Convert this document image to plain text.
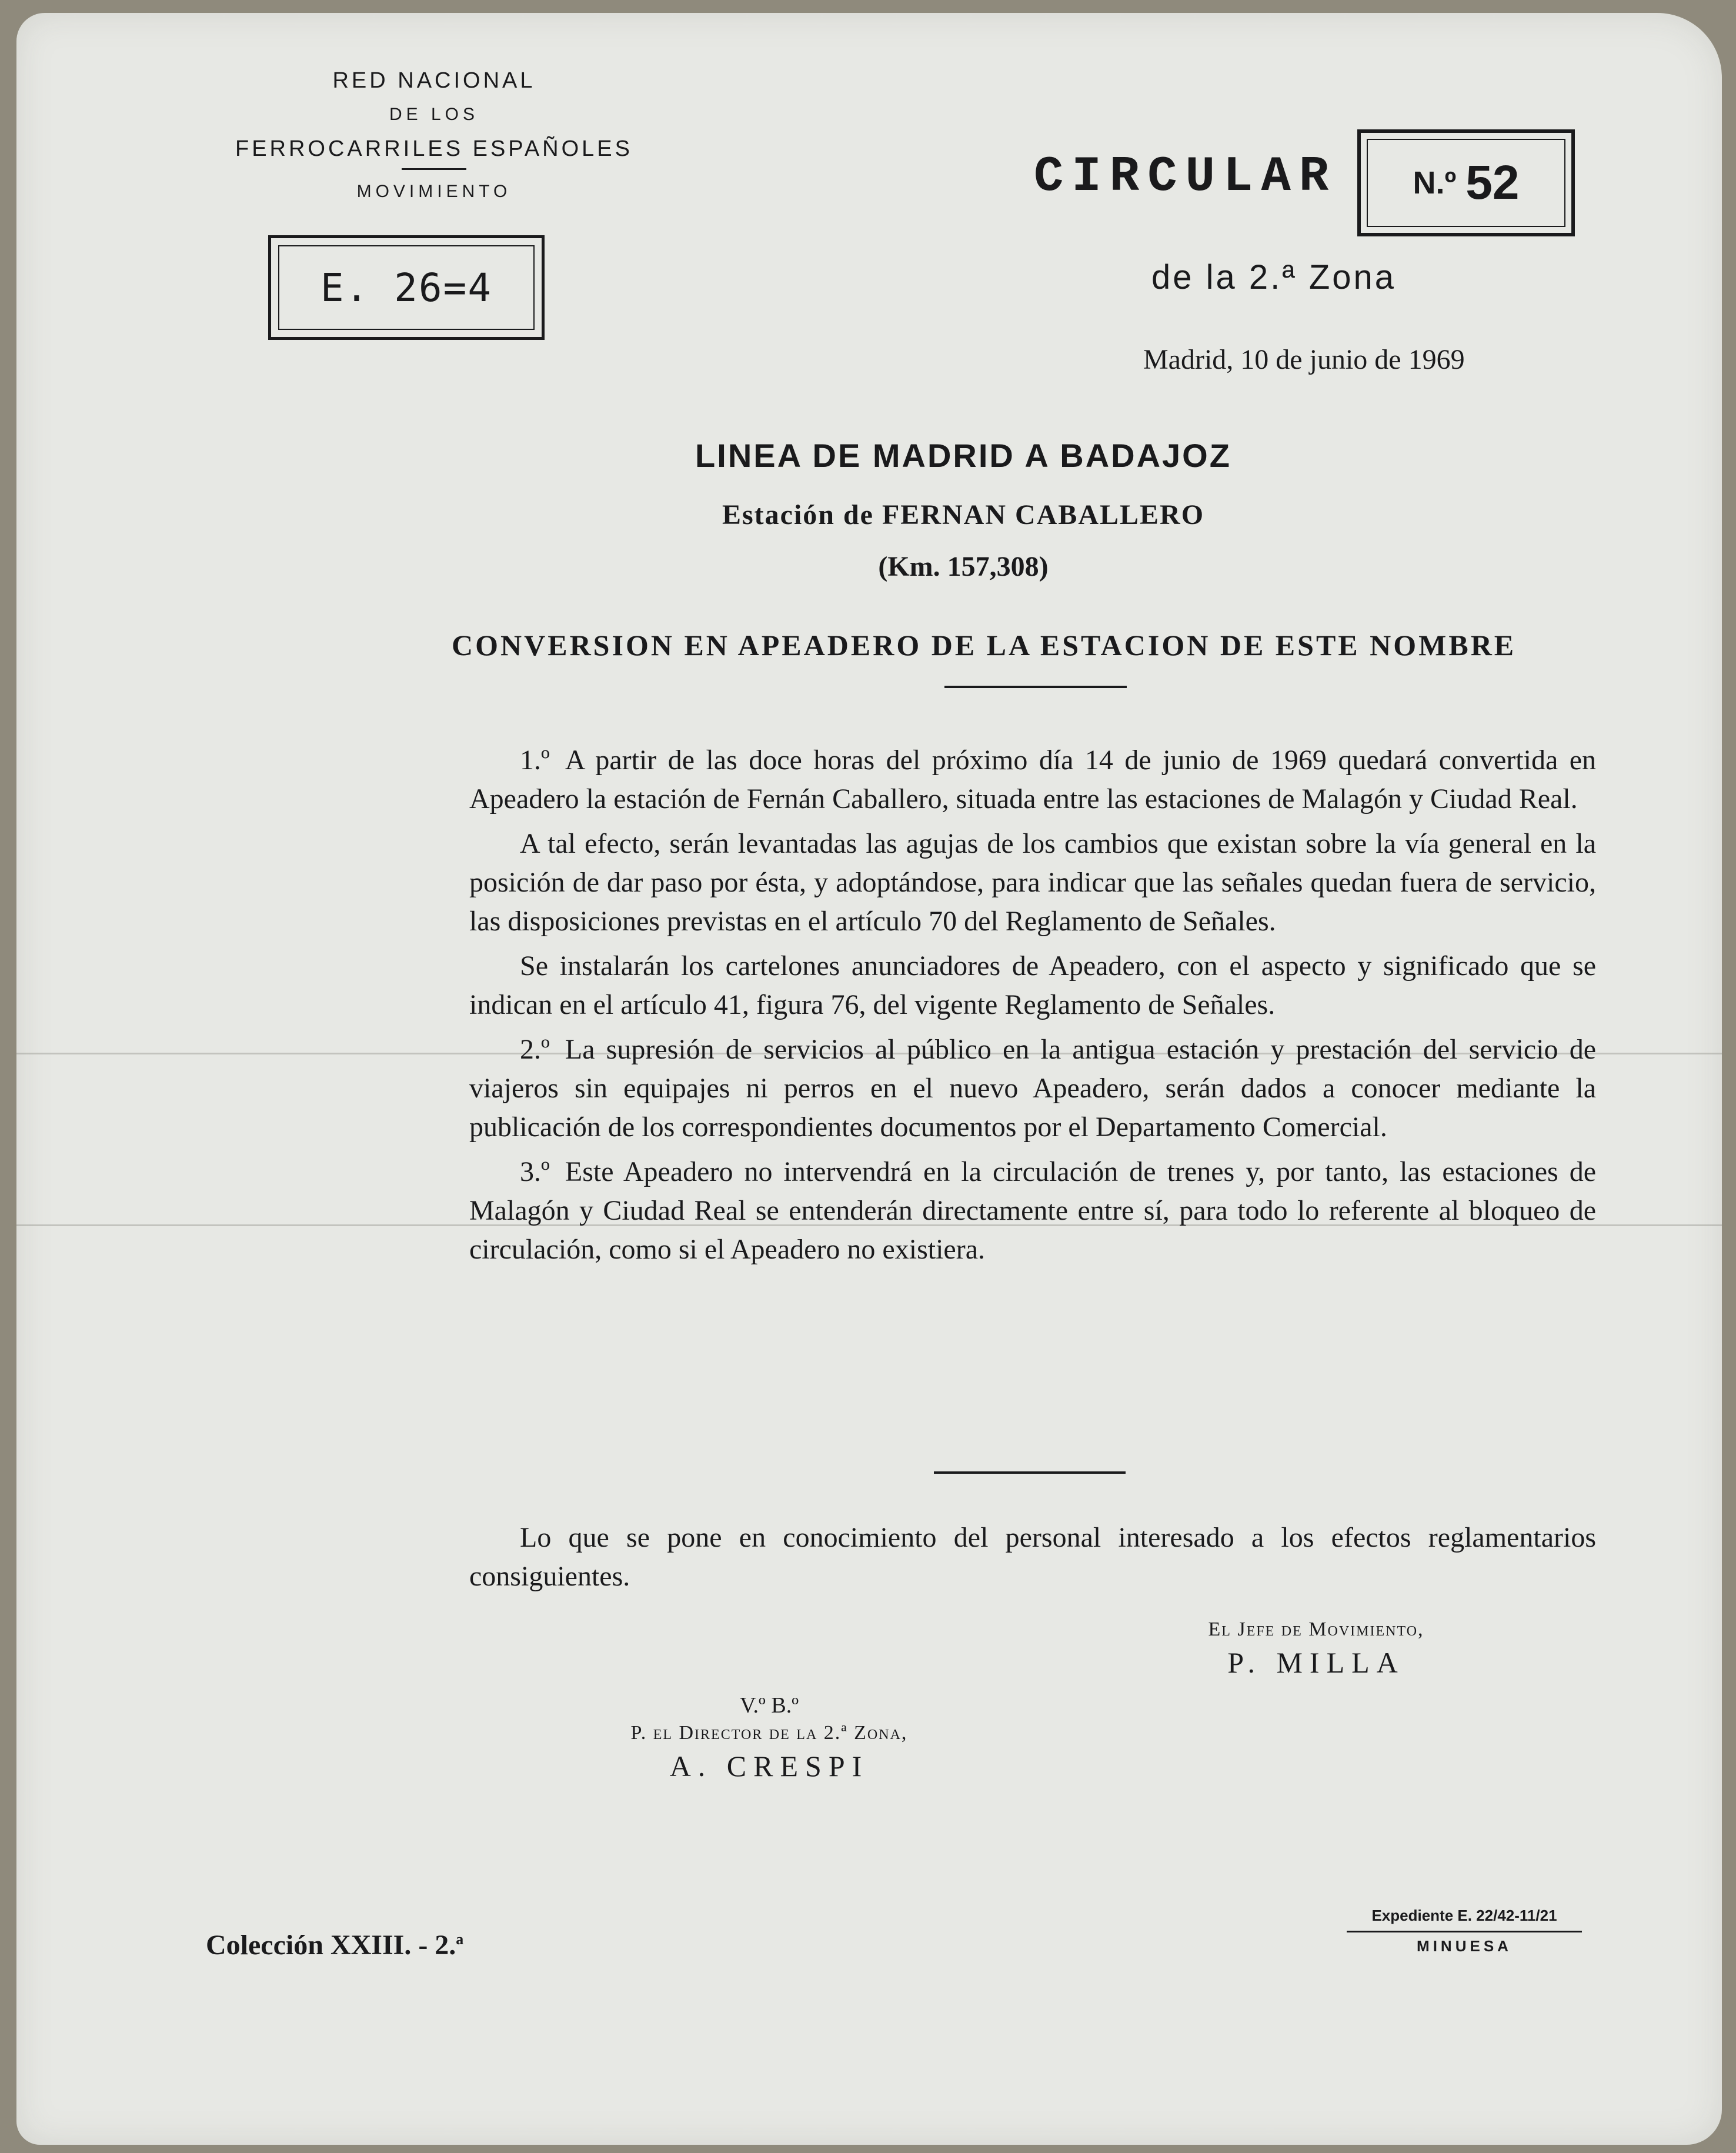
RED NACIONAL
DE LOS
FERROCARRILES ESPAÑOLES
MOVIMIENTO
E. 26=4
CIRCULAR N.º 52
de la 2.ª Zona
Madrid, 10 de junio de 1969
LINEA DE MADRID A BADAJOZ
Estación de FERNAN CABALLERO
(Km. 157,308)
CONVERSION EN APEADERO DE LA ESTACION DE ESTE NOMBRE

1.º A partir de las doce horas del próximo día 14 de junio de 1969 quedará convertida en Apeadero la estación de Fernán Caballero, situada entre las estaciones de Malagón y Ciudad Real.

A tal efecto, serán levantadas las agujas de los cambios que existan sobre la vía general en la posición de dar paso por ésta, y adoptándose, para indicar que las señales quedan fuera de servicio, las disposiciones previstas en el artículo 70 del Reglamento de Señales.

Se instalarán los cartelones anunciadores de Apeadero, con el aspecto y significado que se indican en el artículo 41, figura 76, del vigente Reglamento de Señales.

2.º La supresión de servicios al público en la antigua estación y prestación del servicio de viajeros sin equipajes ni perros en el nuevo Apeadero, serán dados a conocer mediante la publicación de los correspondientes documentos por el Departamento Comercial.

3.º Este Apeadero no intervendrá en la circulación de trenes y, por tanto, las estaciones de Malagón y Ciudad Real se entenderán directamente entre sí, para todo lo referente al bloqueo de circulación, como si el Apeadero no existiera.

Lo que se pone en conocimiento del personal interesado a los efectos reglamentarios consiguientes.

El Jefe de Movimiento,
P. MILLA
V.º B.º
P. el Director de la 2.ª Zona,
A. CRESPI
Colección XXIII. - 2.$^a$
Expediente E. 22/42-11/21
MINUESA
